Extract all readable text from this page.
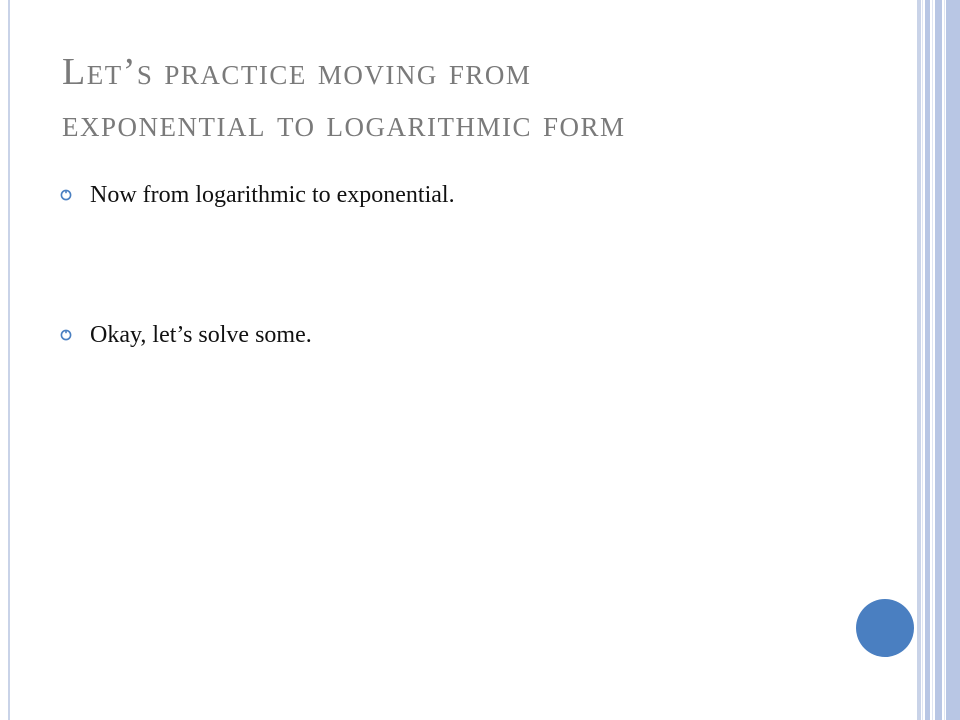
Let’s practice moving from
exponential to logarithmic form
Now from logarithmic to exponential.
Okay, let’s solve some.
